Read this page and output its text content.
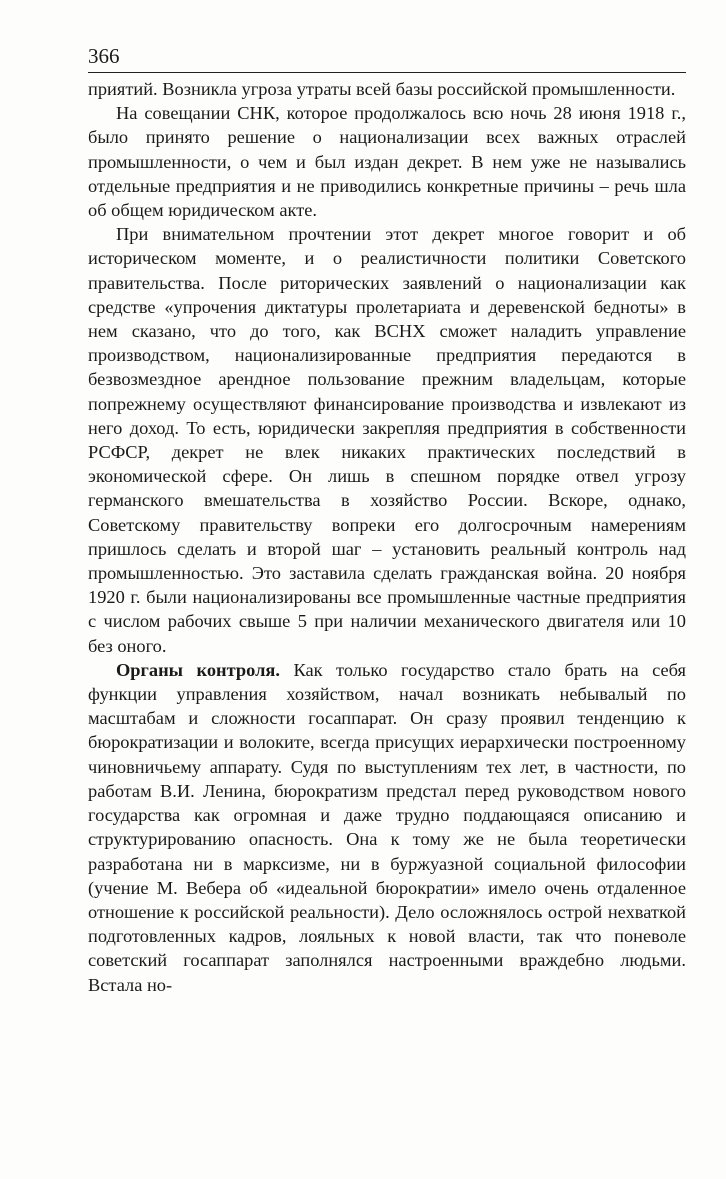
366

приятий. Возникла угроза утраты всей базы российской промышленности.

На совещании СНК, которое продолжалось всю ночь 28 июня 1918 г., было принято решение о национализации всех важных отраслей промышленности, о чем и был издан декрет. В нем уже не назывались отдельные предприятия и не приводились конкретные причины – речь шла об общем юридическом акте.

При внимательном прочтении этот декрет многое говорит и об историческом моменте, и о реалистичности политики Советского правительства. После риторических заявлений о национализации как средстве «упрочения диктатуры пролетариата и деревенской бедноты» в нем сказано, что до того, как ВСНХ сможет наладить управление производством, национализированные предприятия передаются в безвозмездное арендное пользование прежним владельцам, которые попрежнему осуществляют финансирование производства и извлекают из него доход. То есть, юридически закрепляя предприятия в собственности РСФСР, декрет не влек никаких практических последствий в экономической сфере. Он лишь в спешном порядке отвел угрозу германского вмешательства в хозяйство России. Вскоре, однако, Советскому правительству вопреки его долгосрочным намерениям пришлось сделать и второй шаг – установить реальный контроль над промышленностью. Это заставила сделать гражданская война. 20 ноября 1920 г. были национализированы все промышленные частные предприятия с числом рабочих свыше 5 при наличии механического двигателя или 10 без оного.

Органы контроля. Как только государство стало брать на себя функции управления хозяйством, начал возникать небывалый по масштабам и сложности госаппарат. Он сразу проявил тенденцию к бюрократизации и волоките, всегда присущих иерархически построенному чиновничьему аппарату. Судя по выступлениям тех лет, в частности, по работам В.И. Ленина, бюрократизм предстал перед руководством нового государства как огромная и даже трудно поддающаяся описанию и структурированию опасность. Она к тому же не была теоретически разработана ни в марксизме, ни в буржуазной социальной философии (учение М. Вебера об «идеальной бюрократии» имело очень отдаленное отношение к российской реальности). Дело осложнялось острой нехваткой подготовленных кадров, лояльных к новой власти, так что поневоле советский госаппарат заполнялся настроенными враждебно людьми. Встала но-
